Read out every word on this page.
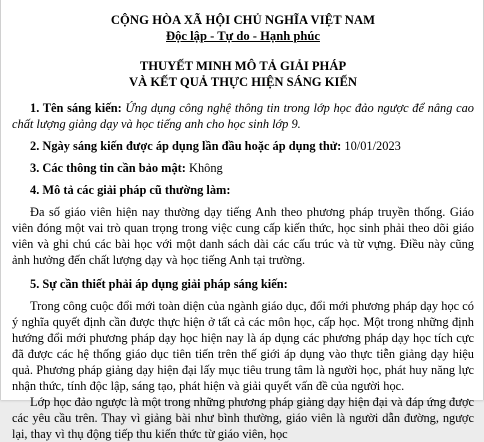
CỘNG HÒA XÃ HỘI CHỦ NGHĨA VIỆT NAM

Độc lập - Tự do - Hạnh phúc

THUYẾT MINH MÔ TẢ GIẢI PHÁP

VÀ KẾT QUẢ THỰC HIỆN SÁNG KIẾN

1. Tên sáng kiến: Ứng dụng công nghệ thông tin trong lớp học đảo ngược để nâng cao chất lượng giảng dạy và học tiếng anh cho học sinh lớp 9.

2. Ngày sáng kiến được áp dụng lần đầu hoặc áp dụng thử: 10/01/2023

3. Các thông tin cần bảo mật: Không

4. Mô tả các giải pháp cũ thường làm:

Đa số giáo viên hiện nay thường dạy tiếng Anh theo phương pháp truyền thống. Giáo viên đóng một vai trò quan trọng trong việc cung cấp kiến thức, học sinh phải theo dõi giáo viên và ghi chú các bài học với một danh sách dài các cấu trúc và từ vựng. Điều này cũng ảnh hưởng đến chất lượng dạy và học tiếng Anh tại trường.

5. Sự cần thiết phải áp dụng giải pháp sáng kiến:

Trong công cuộc đổi mới toàn diện của ngành giáo dục, đổi mới phương pháp dạy học có ý nghĩa quyết định cần được thực hiện ở tất cả các môn học, cấp học. Một trong những định hướng đổi mới phương pháp dạy học hiện nay là áp dụng các phương pháp dạy học tích cực đã được các hệ thống giáo dục tiên tiến trên thế giới áp dụng vào thực tiễn giảng dạy hiệu quả. Phương pháp giảng dạy hiện đại lấy mục tiêu trung tâm là người học, phát huy năng lực nhận thức, tính độc lập, sáng tạo, phát hiện và giải quyết vấn đề của người học.

Lớp học đảo ngược là một trong những phương pháp giảng dạy hiện đại và đáp ứng được các yêu cầu trên. Thay vì giảng bài như bình thường, giáo viên là người dẫn đường, ngược lại, thay vì thụ động tiếp thu kiến thức từ giáo viên, học
